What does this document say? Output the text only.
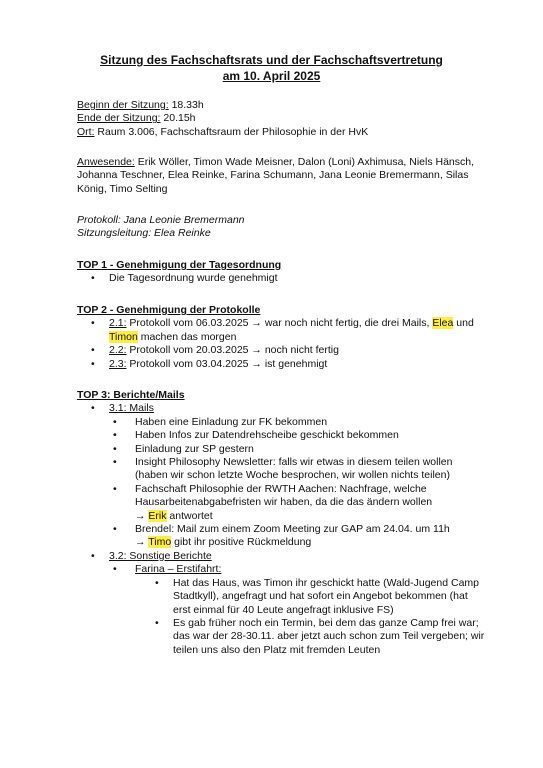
Sitzung des Fachschaftsrats und der Fachschaftsvertretung
am 10. April 2025
Beginn der Sitzung: 18.33h
Ende der Sitzung: 20.15h
Ort: Raum 3.006, Fachschaftsraum der Philosophie in der HvK
Anwesende: Erik Wöller, Timon Wade Meisner, Dalon (Loni) Axhimusa, Niels Hänsch,
Johanna Teschner, Elea Reinke, Farina Schumann, Jana Leonie Bremermann, Silas
König, Timo Selting
Protokoll: Jana Leonie Bremermann
Sitzungsleitung: Elea Reinke
TOP 1 - Genehmigung der Tagesordnung
• Die Tagesordnung wurde genehmigt
TOP 2 - Genehmigung der Protokolle
• 2.1: Protokoll vom 06.03.2025 → war noch nicht fertig, die drei Mails, Elea und
Timon machen das morgen
• 2.2: Protokoll vom 20.03.2025 → noch nicht fertig
• 2.3: Protokoll vom 03.04.2025 → ist genehmigt
TOP 3: Berichte/Mails
• 3.1: Mails
• Haben eine Einladung zur FK bekommen
• Haben Infos zur Datendrehscheibe geschickt bekommen
• Einladung zur SP gestern
• Insight Philosophy Newsletter: falls wir etwas in diesem teilen wollen
(haben wir schon letzte Woche besprochen, wir wollen nichts teilen)
• Fachschaft Philosophie der RWTH Aachen: Nachfrage, welche
Hausarbeitenabgabefristen wir haben, da die das ändern wollen
→ Erik antwortet
• Brendel: Mail zum einem Zoom Meeting zur GAP am 24.04. um 11h
→ Timo gibt ihr positive Rückmeldung
• 3.2: Sonstige Berichte
• Farina – Erstifahrt:
• Hat das Haus, was Timon ihr geschickt hatte (Wald-Jugend Camp
Stadtkyll), angefragt und hat sofort ein Angebot bekommen (hat
erst einmal für 40 Leute angefragt inklusive FS)
• Es gab früher noch ein Termin, bei dem das ganze Camp frei war;
das war der 28-30.11. aber jetzt auch schon zum Teil vergeben; wir
teilen uns also den Platz mit fremden Leuten
